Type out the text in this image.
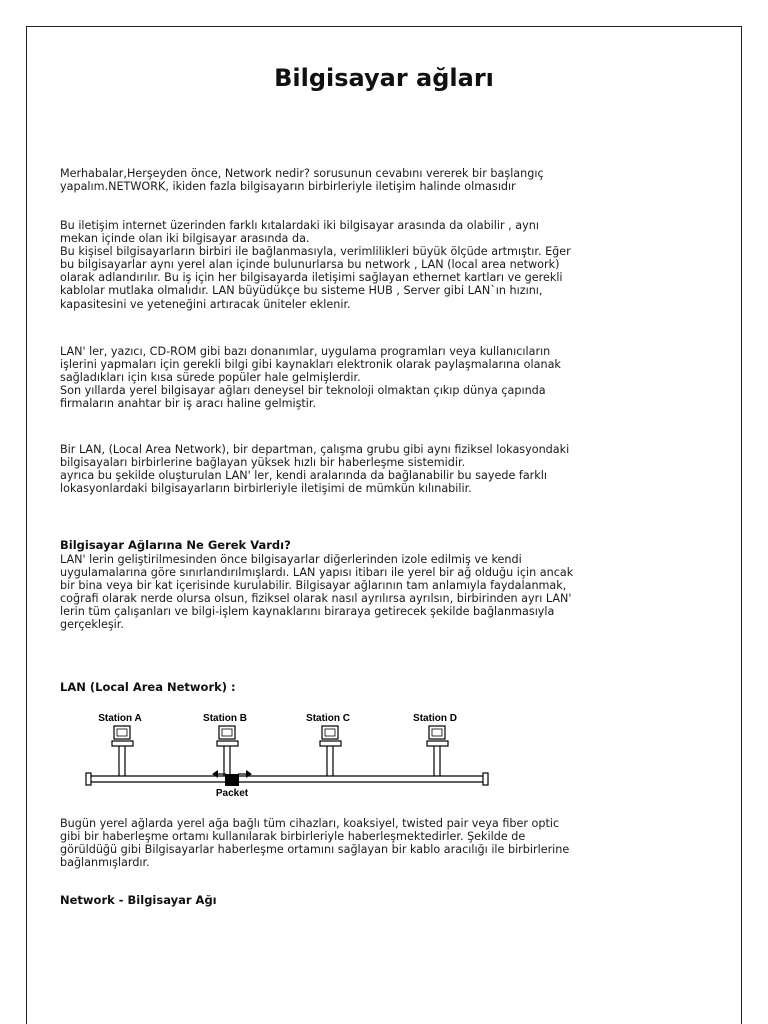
Bilgisayar ağları

Merhabalar,Herşeyden önce, Network nedir? sorusunun cevabını vererek bir başlangıç
yapalım.NETWORK, ikiden fazla bilgisayarın birbirleriyle iletişim halinde olmasıdır

Bu iletişim internet üzerinden farklı kıtalardaki iki bilgisayar arasında da olabilir , aynı
mekan içinde olan iki bilgisayar arasında da.
Bu kişisel bilgisayarların birbiri ile bağlanmasıyla, verimlilikleri büyük ölçüde artmıştır. Eğer
bu bilgisayarlar aynı yerel alan içinde bulunurlarsa bu network , LAN (local area network)
olarak adlandırılır. Bu iş için her bilgisayarda iletişimi sağlayan ethernet kartları ve gerekli
kablolar mutlaka olmalıdır. LAN büyüdükçe bu sisteme HUB , Server gibi LAN`ın hızını,
kapasitesini ve yeteneğini artıracak üniteler eklenir.

LAN' ler, yazıcı, CD-ROM gibi bazı donanımlar, uygulama programları veya kullanıcıların
işlerini yapmaları için gerekli bilgi gibi kaynakları elektronik olarak paylaşmalarına olanak
sağladıkları için kısa sürede popüler hale gelmişlerdir.
Son yıllarda yerel bilgisayar ağları deneysel bir teknoloji olmaktan çıkıp dünya çapında
firmaların anahtar bir iş aracı haline gelmiştir.

Bir LAN, (Local Area Network), bir departman, çalışma grubu gibi aynı fiziksel lokasyondaki
bilgisayaları birbirlerine bağlayan yüksek hızlı bir haberleşme sistemidir.
ayrıca bu şekilde oluşturulan LAN' ler, kendi aralarında da bağlanabilir bu sayede farklı
lokasyonlardaki bilgisayarların birbirleriyle iletişimi de mümkün kılınabilir.

Bilgisayar Ağlarına Ne Gerek Vardı?

LAN' lerin geliştirilmesinden önce bilgisayarlar diğerlerinden izole edilmiş ve kendi
uygulamalarına göre sınırlandırılmışlardı. LAN yapısı itibarı ile yerel bir ağ olduğu için ancak
bir bina veya bir kat içerisinde kurulabilir. Bilgisayar ağlarının tam anlamıyla faydalanmak,
coğrafi olarak nerde olursa olsun, fiziksel olarak nasıl ayrılırsa ayrılsın, birbirinden ayrı LAN'
lerin tüm çalışanları ve bilgi-işlem kaynaklarını biraraya getirecek şekilde bağlanmasıyla
gerçekleşir.

LAN (Local Area Network) :
Station A	Station B	Station C	Station D
Packet

Bugün yerel ağlarda yerel ağa bağlı tüm cihazları, koaksiyel, twisted pair veya fiber optic
gibi bir haberleşme ortamı kullanılarak birbirleriyle haberleşmektedirler. Şekilde de
görüldüğü gibi Bilgisayarlar haberleşme ortamını sağlayan bir kablo aracılığı ile birbirlerine
bağlanmışlardır.

Network - Bilgisayar Ağı
